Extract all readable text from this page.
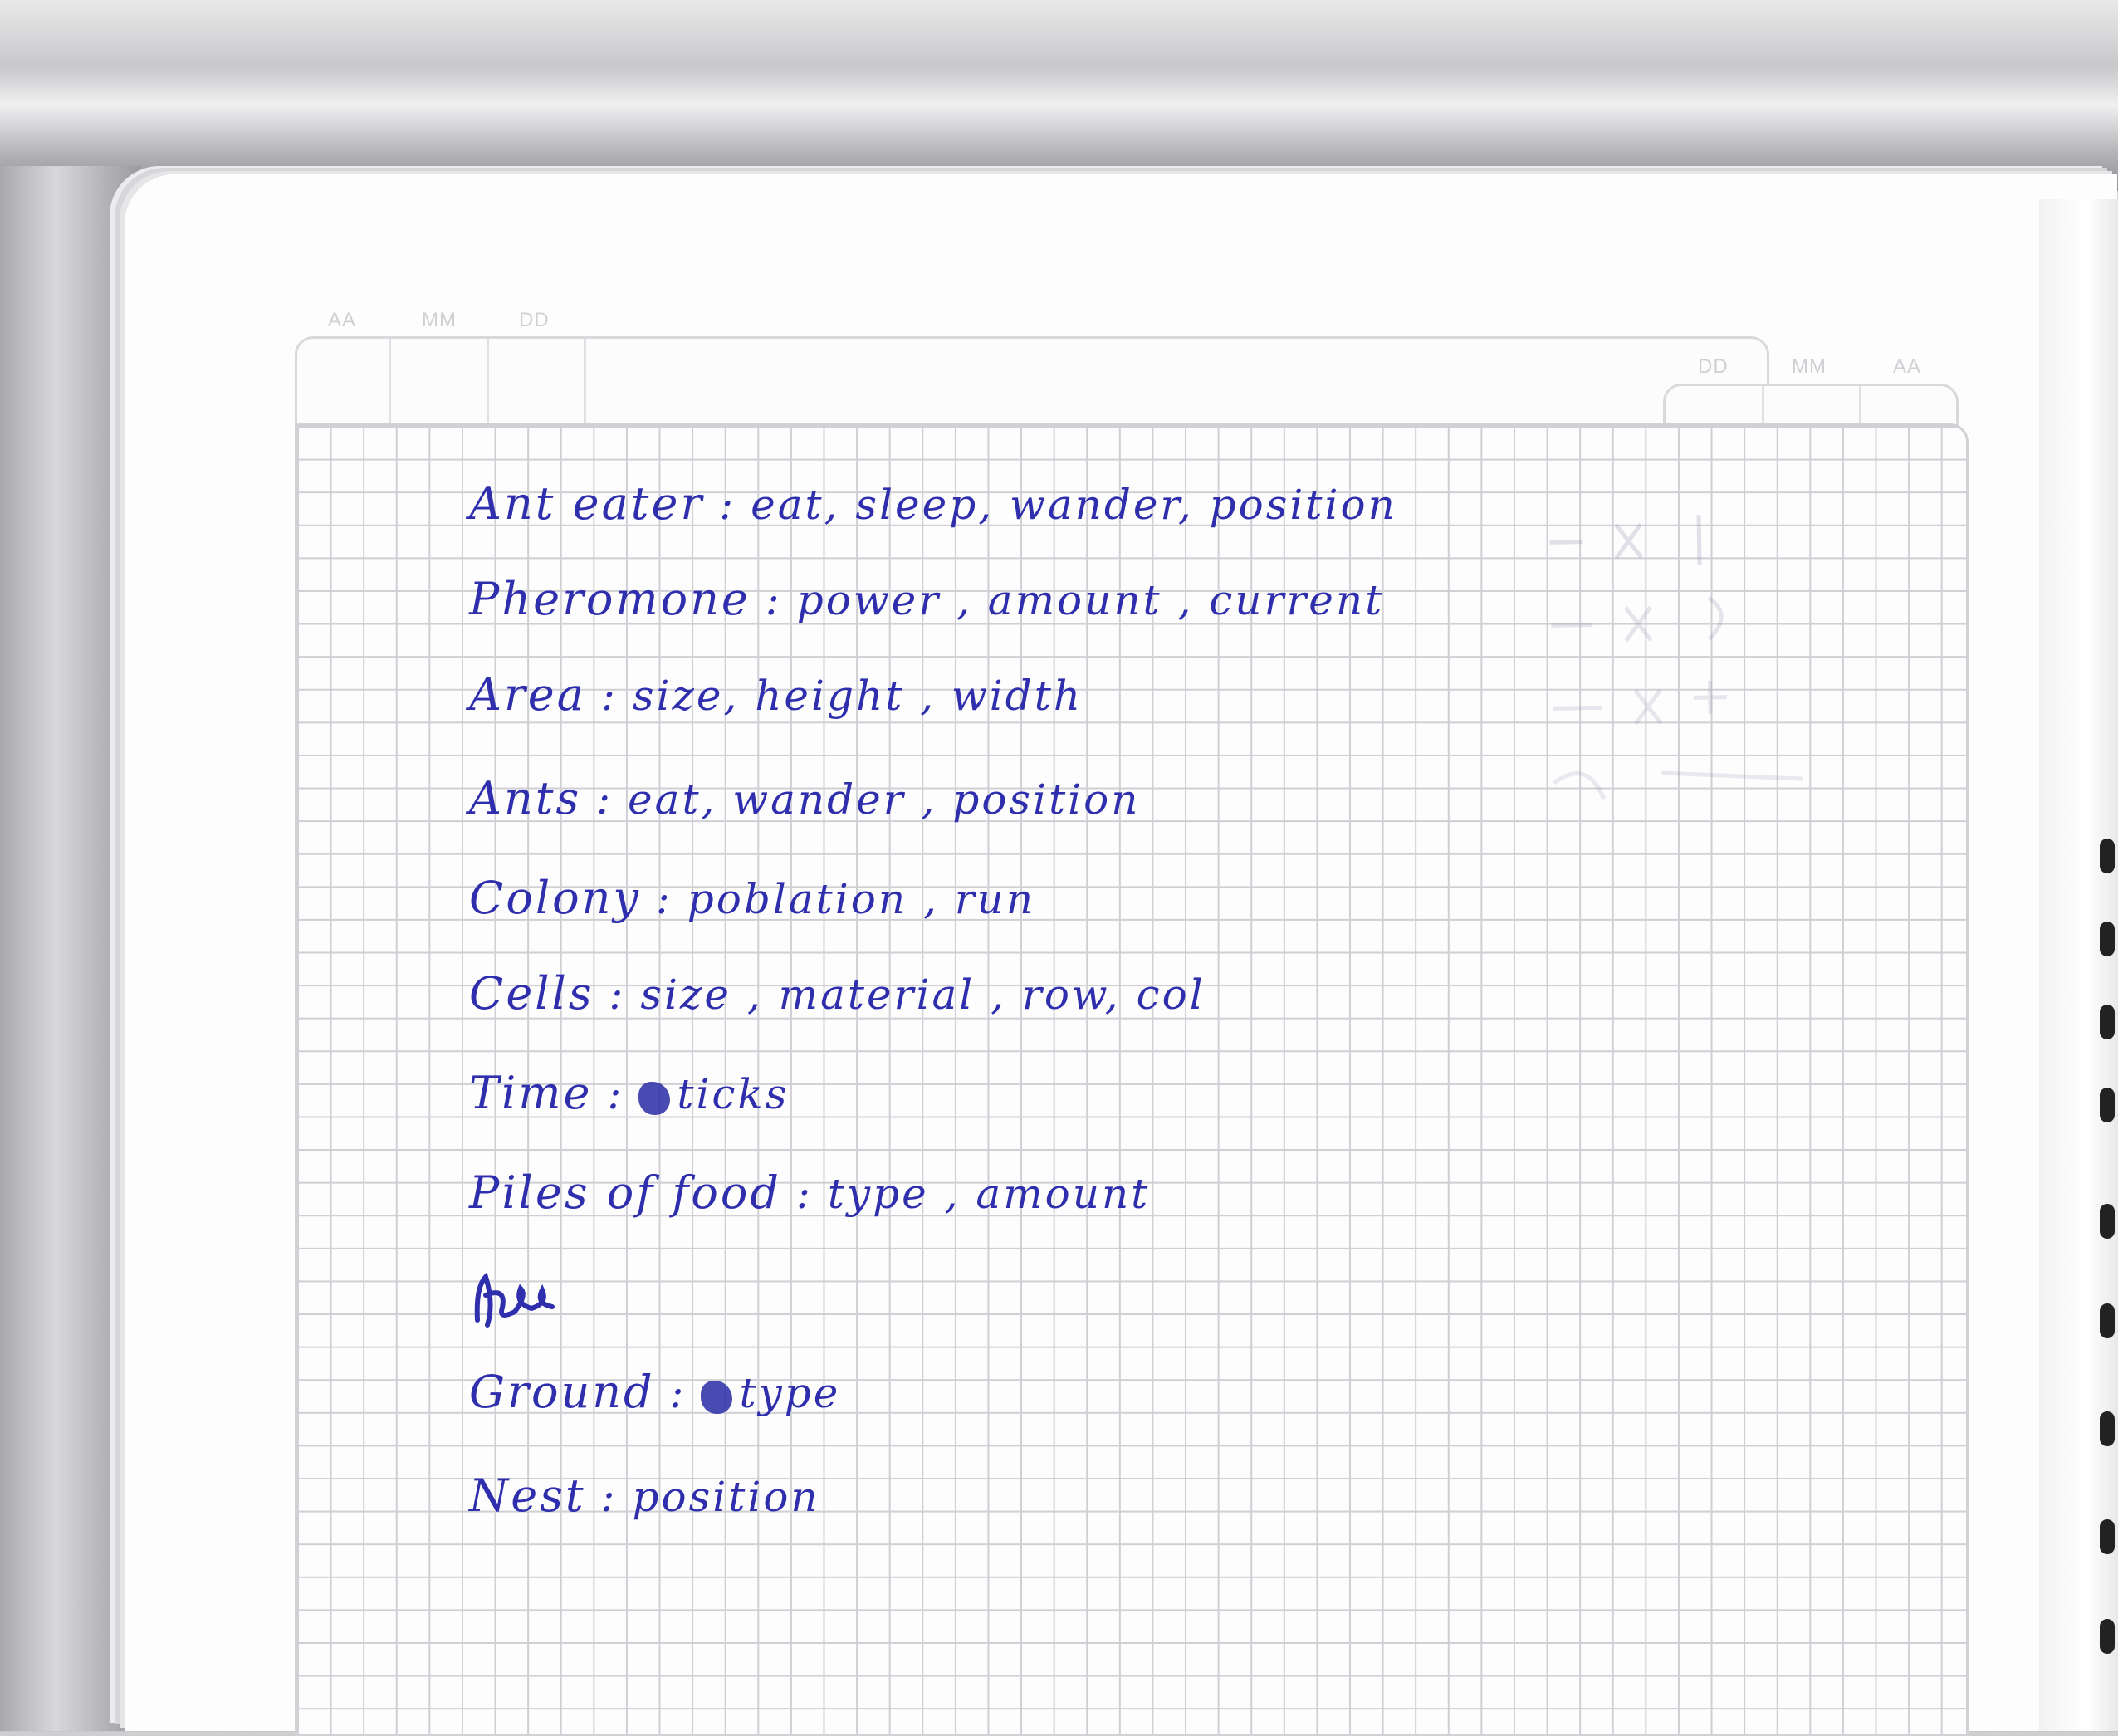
AA	MM	DD
DD	MM	AA
Ant eater : eat, sleep, wander, position
Pheromone : power , amount , current
Area : size, height , width
Ants : eat, wander , position
Colony : poblation , run
Cells : size , material , row, col
Time : ticks
Piles of food : type , amount
Ground : type
Nest : position
